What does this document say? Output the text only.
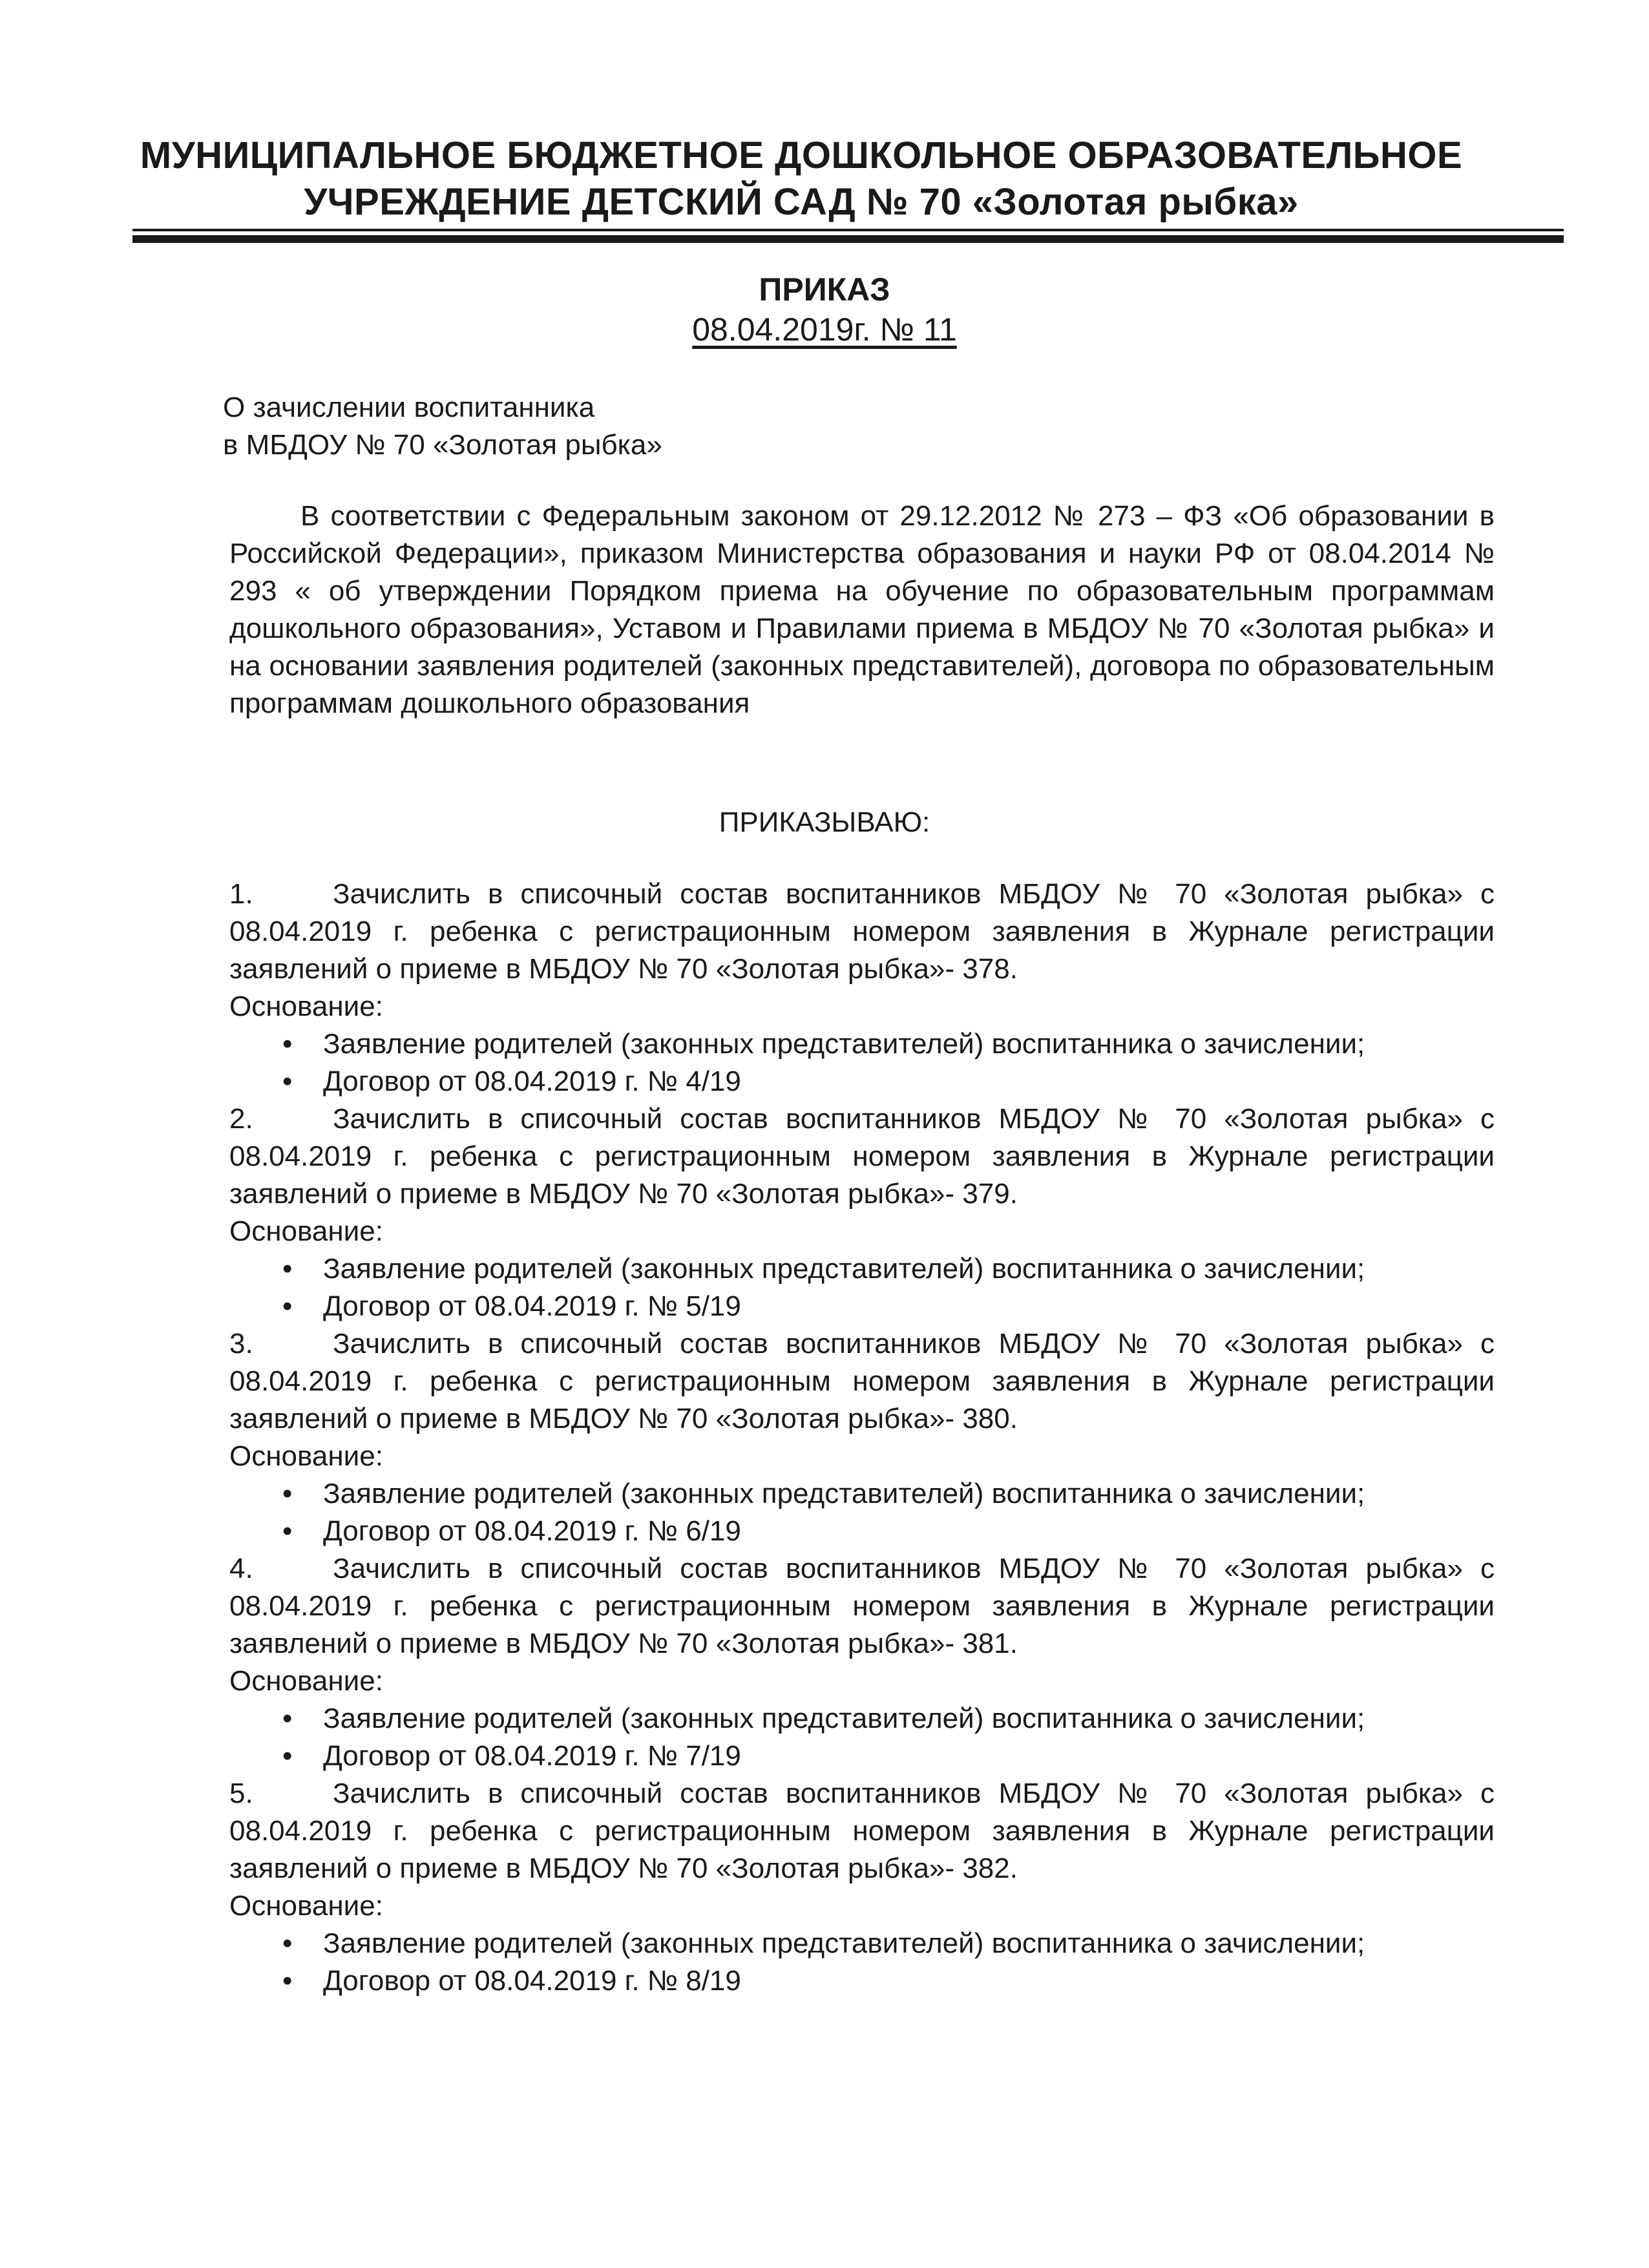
МУНИЦИПАЛЬНОЕ БЮДЖЕТНОЕ ДОШКОЛЬНОЕ ОБРАЗОВАТЕЛЬНОЕ
УЧРЕЖДЕНИЕ ДЕТСКИЙ САД № 70 «Золотая рыбка»
ПРИКАЗ
08.04.2019г. № 11
О зачислении воспитанника
в МБДОУ № 70 «Золотая рыбка»
В соответствии с Федеральным законом от 29.12.2012 № 273 – ФЗ «Об образовании в Российской Федерации», приказом Министерства образования и науки РФ от 08.04.2014 № 293 « об утверждении Порядком приема на обучение по образовательным программам дошкольного образования», Уставом и Правилами приема в МБДОУ № 70 «Золотая рыбка» и на основании заявления родителей (законных представителей), договора по образовательным программам дошкольного образования
ПРИКАЗЫВАЮ:
1.	Зачислить в списочный состав воспитанников МБДОУ № 70 «Золотая рыбка» с 08.04.2019 г. ребенка с регистрационным номером заявления в Журнале регистрации заявлений о приеме в МБДОУ № 70 «Золотая рыбка»- 378.
Основание:
• Заявление родителей (законных представителей) воспитанника о зачислении;
• Договор от 08.04.2019 г. № 4/19
2.	Зачислить в списочный состав воспитанников МБДОУ № 70 «Золотая рыбка» с 08.04.2019 г. ребенка с регистрационным номером заявления в Журнале регистрации заявлений о приеме в МБДОУ № 70 «Золотая рыбка»- 379.
Основание:
• Заявление родителей (законных представителей) воспитанника о зачислении;
• Договор от 08.04.2019 г. № 5/19
3.	Зачислить в списочный состав воспитанников МБДОУ № 70 «Золотая рыбка» с 08.04.2019 г. ребенка с регистрационным номером заявления в Журнале регистрации заявлений о приеме в МБДОУ № 70 «Золотая рыбка»- 380.
Основание:
• Заявление родителей (законных представителей) воспитанника о зачислении;
• Договор от 08.04.2019 г. № 6/19
4.	Зачислить в списочный состав воспитанников МБДОУ № 70 «Золотая рыбка» с 08.04.2019 г. ребенка с регистрационным номером заявления в Журнале регистрации заявлений о приеме в МБДОУ № 70 «Золотая рыбка»- 381.
Основание:
• Заявление родителей (законных представителей) воспитанника о зачислении;
• Договор от 08.04.2019 г. № 7/19
5.	Зачислить в списочный состав воспитанников МБДОУ № 70 «Золотая рыбка» с 08.04.2019 г. ребенка с регистрационным номером заявления в Журнале регистрации заявлений о приеме в МБДОУ № 70 «Золотая рыбка»- 382.
Основание:
• Заявление родителей (законных представителей) воспитанника о зачислении;
• Договор от 08.04.2019 г. № 8/19
